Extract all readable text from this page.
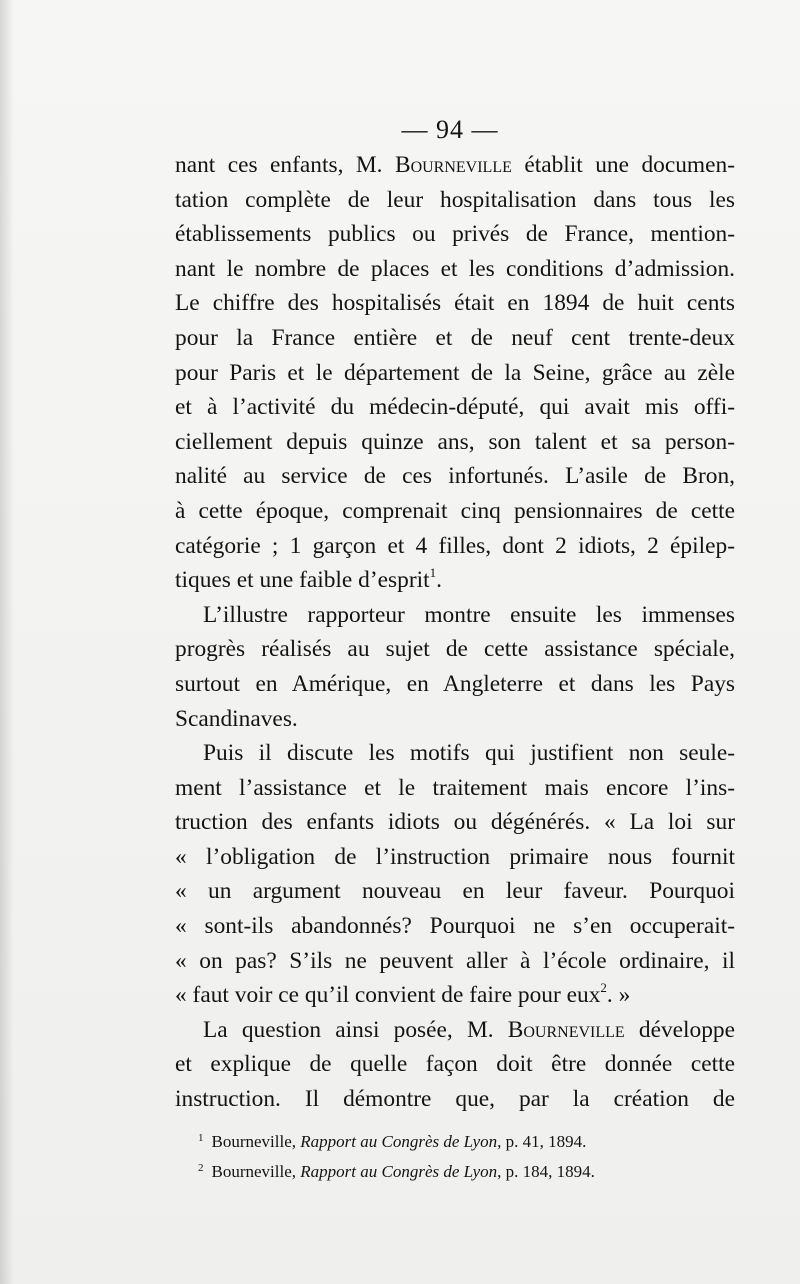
— 94 —
nant ces enfants, M. Bourneville établit une documen-
tation complète de leur hospitalisation dans tous les
établissements publics ou privés de France, mention-
nant le nombre de places et les conditions d’admission.
Le chiffre des hospitalisés était en 1894 de huit cents
pour la France entière et de neuf cent trente-deux
pour Paris et le département de la Seine, grâce au zèle
et à l’activité du médecin-député, qui avait mis offi-
ciellement depuis quinze ans, son talent et sa person-
nalité au service de ces infortunés. L’asile de Bron,
à cette époque, comprenait cinq pensionnaires de cette
catégorie ; 1 garçon et 4 filles, dont 2 idiots, 2 épilep-
tiques et une faible d’esprit$^1$.
L’illustre rapporteur montre ensuite les immenses
progrès réalisés au sujet de cette assistance spéciale,
surtout en Amérique, en Angleterre et dans les Pays
Scandinaves.
Puis il discute les motifs qui justifient non seule-
ment l’assistance et le traitement mais encore l’ins-
truction des enfants idiots ou dégénérés. « La loi sur
« l’obligation de l’instruction primaire nous fournit
« un argument nouveau en leur faveur. Pourquoi
« sont-ils abandonnés? Pourquoi ne s’en occuperait-
« on pas? S’ils ne peuvent aller à l’école ordinaire, il
« faut voir ce qu’il convient de faire pour eux$^2$. »
La question ainsi posée, M. Bourneville développe
et explique de quelle façon doit être donnée cette
instruction. Il démontre que, par la création de
$^1$ Bourneville, Rapport au Congrès de Lyon, p. 41, 1894.
$^2$ Bourneville, Rapport au Congrès de Lyon, p. 184, 1894.
